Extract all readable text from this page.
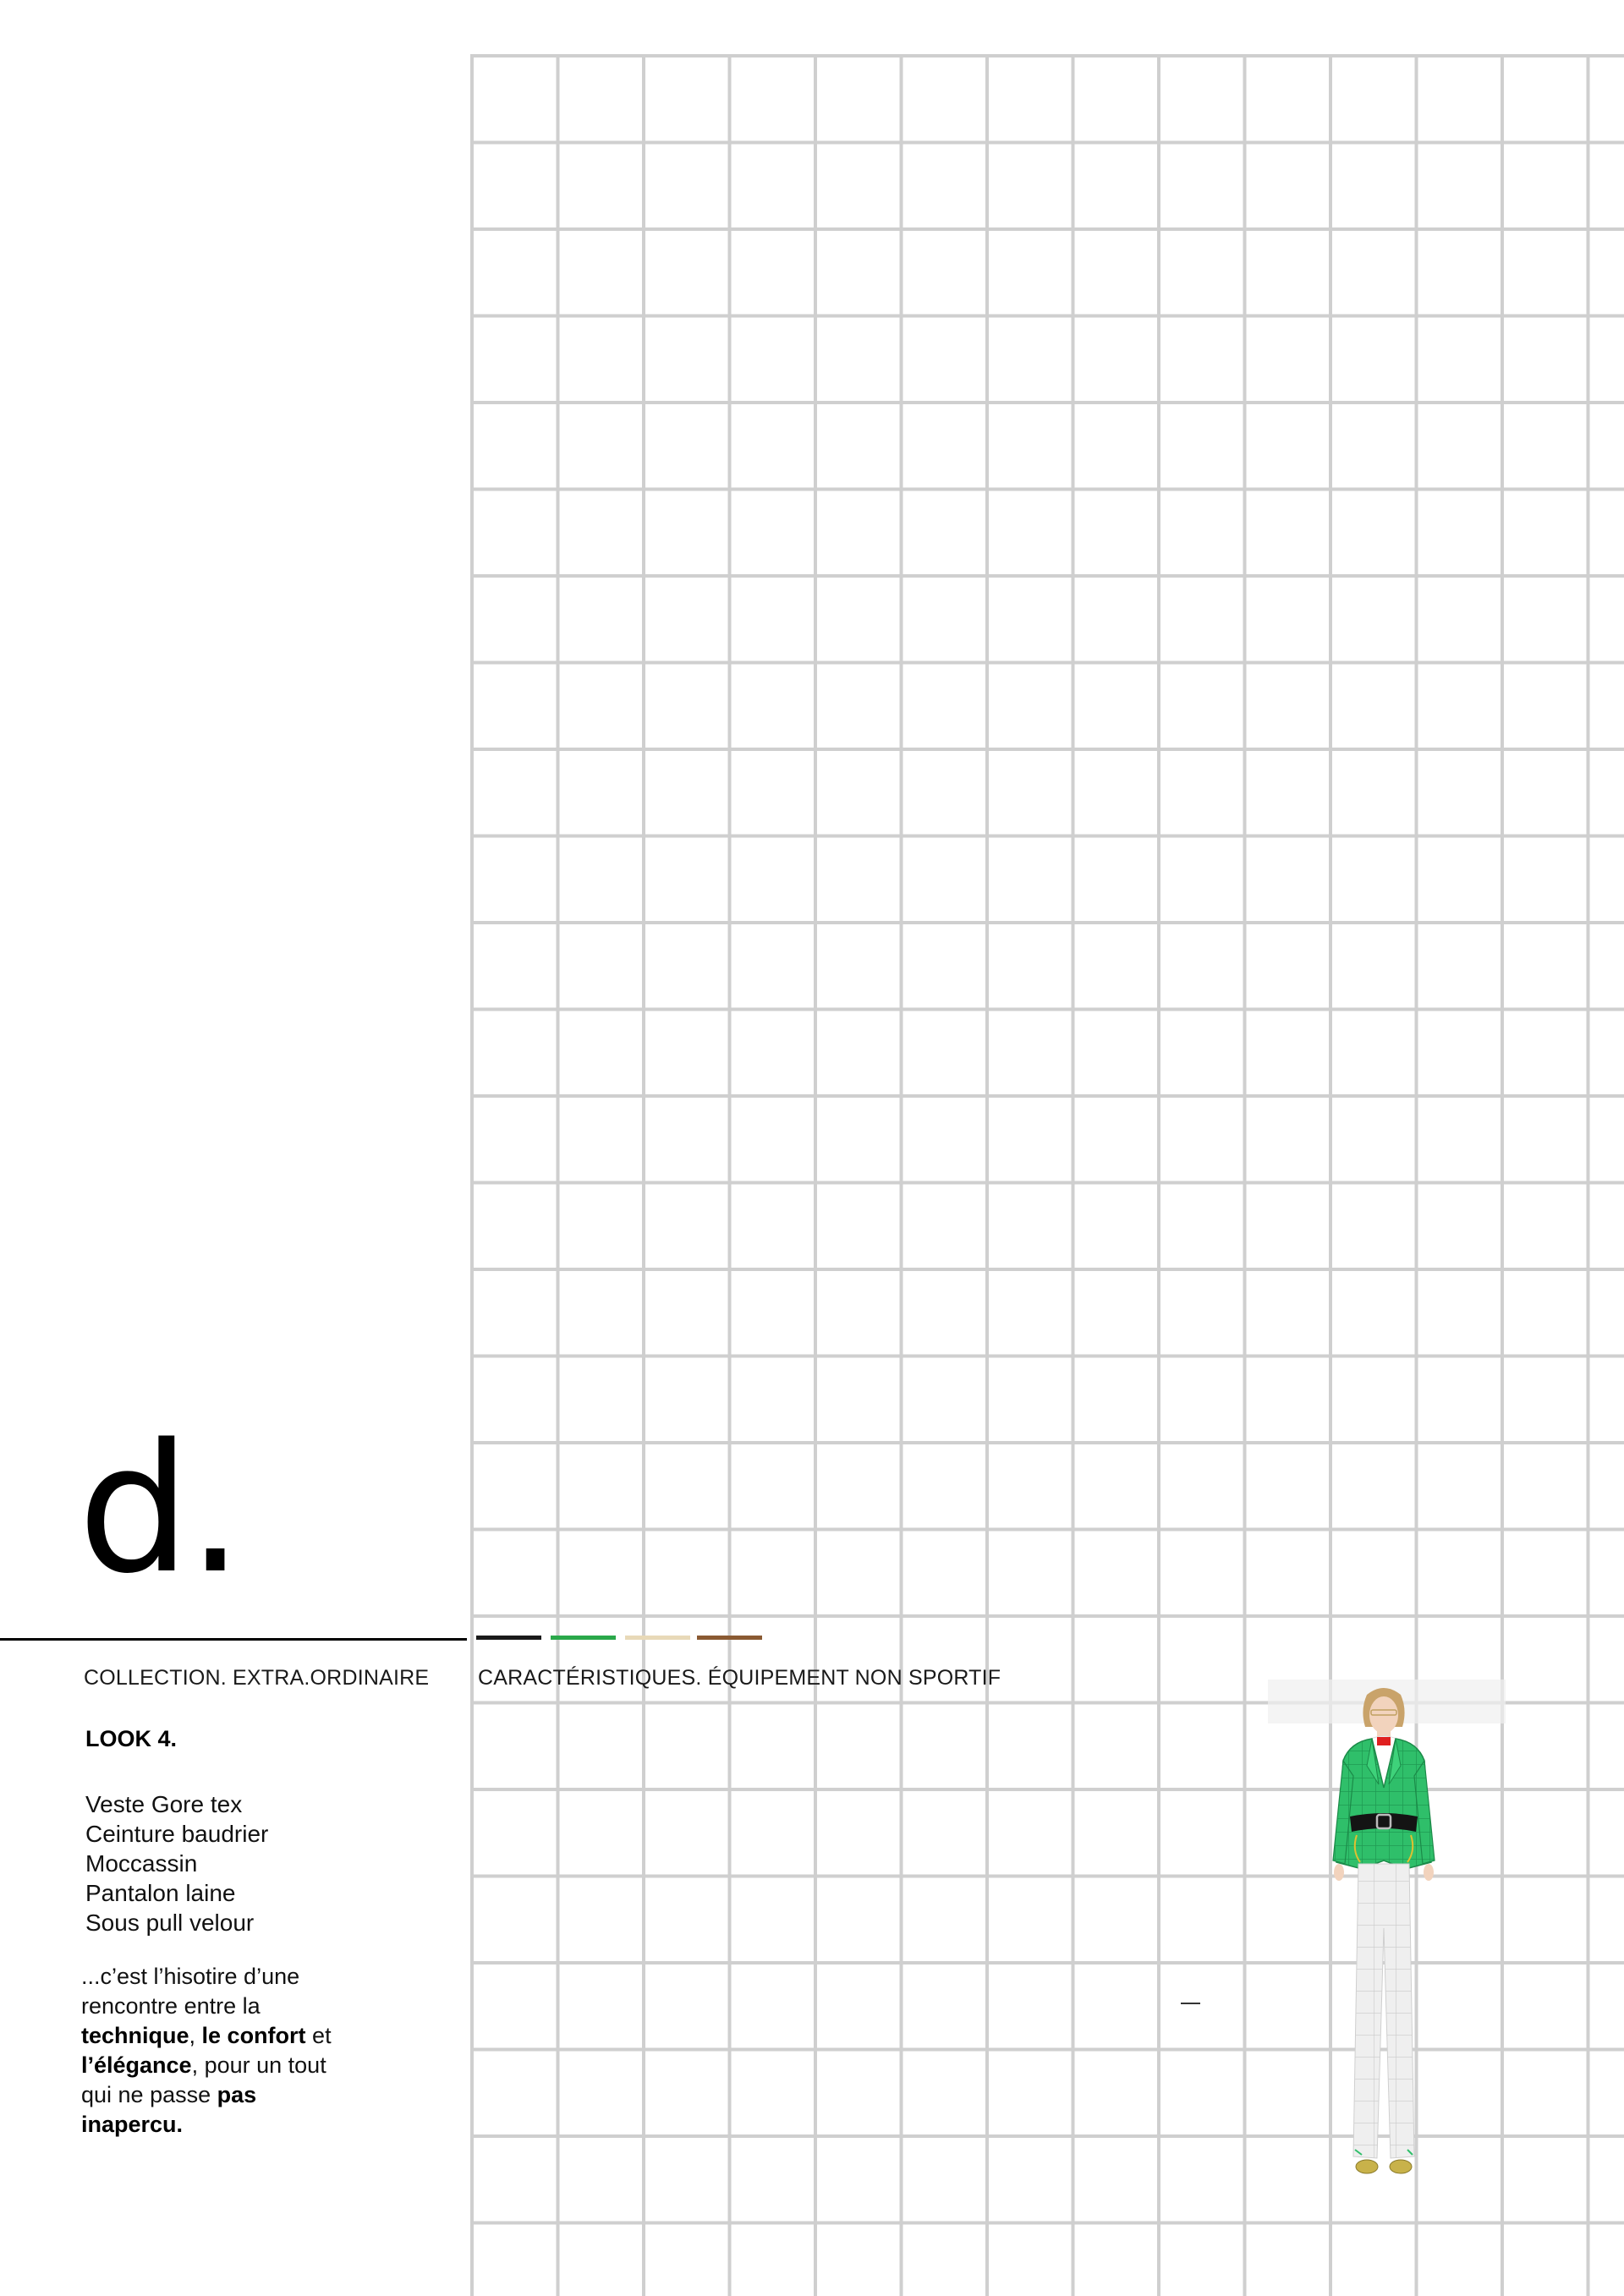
d.

COLLECTION. EXTRA.ORDINAIRE CARACTÉRISTIQUES. ÉQUIPEMENT NON SPORTIF

LOOK 4.
Veste Gore tex
Ceinture baudrier
Moccassin
Pantalon laine
Sous pull velour

...c’est l’hisotire d’une rencontre entre la technique, le confort et l’élégance, pour un tout qui ne passe pas inapercu.
